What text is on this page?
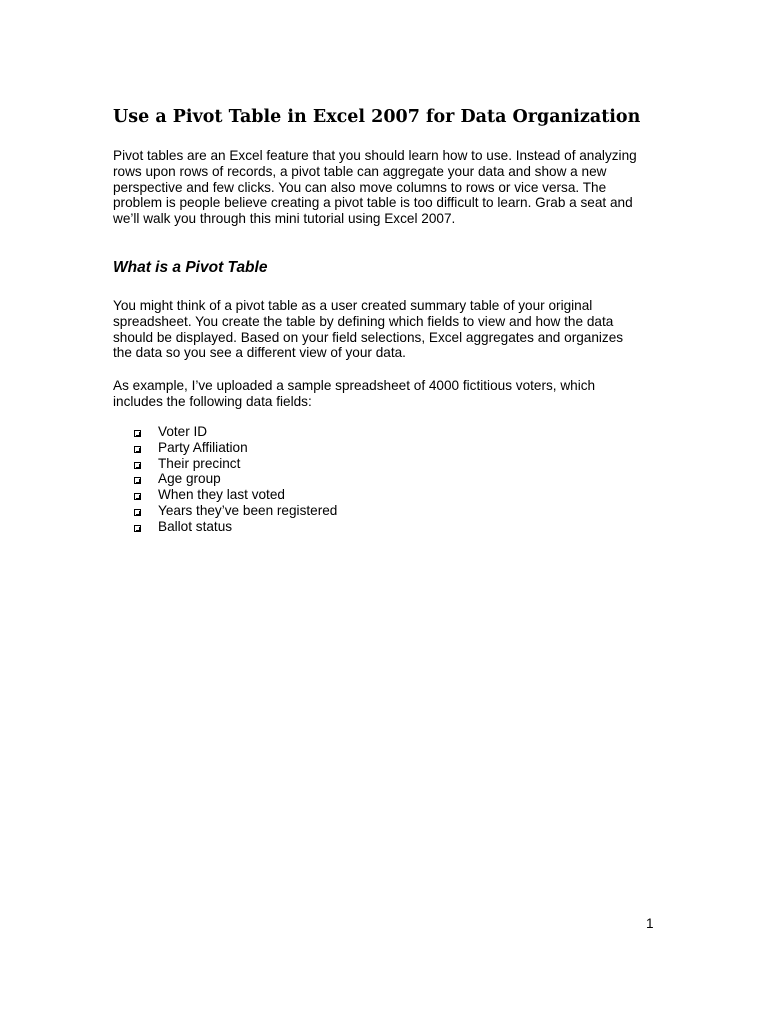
Use a Pivot Table in Excel 2007 for Data Organization

Pivot tables are an Excel feature that you should learn how to use. Instead of analyzing
rows upon rows of records, a pivot table can aggregate your data and show a new
perspective and few clicks. You can also move columns to rows or vice versa. The
problem is people believe creating a pivot table is too difficult to learn. Grab a seat and
we’ll walk you through this mini tutorial using Excel 2007.

What is a Pivot Table

You might think of a pivot table as a user created summary table of your original
spreadsheet. You create the table by defining which fields to view and how the data
should be displayed. Based on your field selections, Excel aggregates and organizes
the data so you see a different view of your data.

As example, I’ve uploaded a sample spreadsheet of 4000 fictitious voters, which
includes the following data fields:

Voter ID
Party Affiliation
Their precinct
Age group
When they last voted
Years they’ve been registered
Ballot status

1
